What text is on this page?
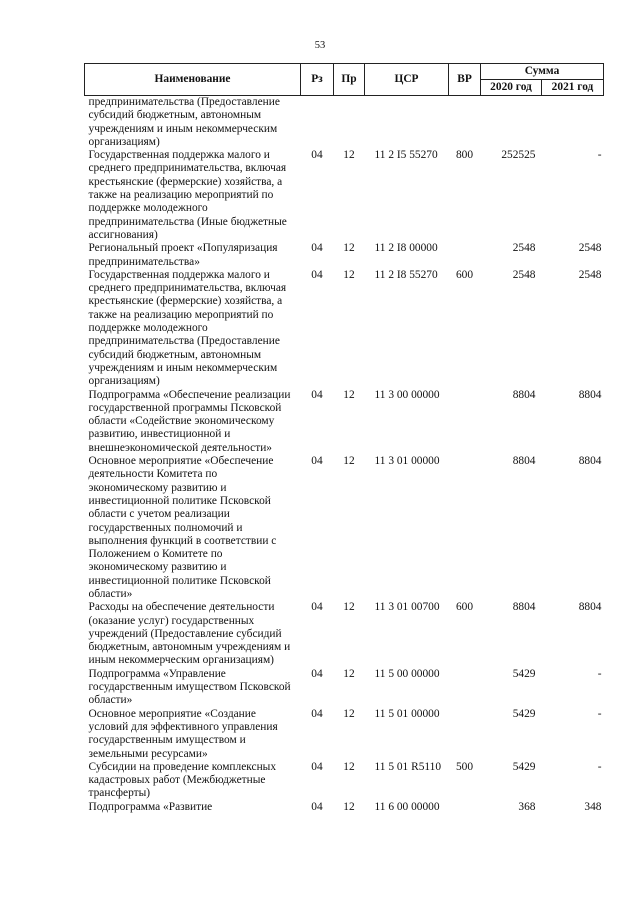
53
Наименование	Рз	Пр	ЦСР	ВР	Сумма	
					2020 год	2021 год
предпринимательства (Предоставление субсидий бюджетным, автономным учреждениям и иным некоммерческим организациям)						
Государственная поддержка малого и среднего предпринимательства, включая крестьянские (фермерские) хозяйства, а также на реализацию мероприятий по поддержке молодежного предпринимательства (Иные бюджетные ассигнования)	04	12	11 2 I5 55270	800	252525	-
Региональный проект «Популяризация предпринимательства»	04	12	11 2 I8 00000		2548	2548
Государственная поддержка малого и среднего предпринимательства, включая крестьянские (фермерские) хозяйства, а также на реализацию мероприятий по поддержке молодежного предпринимательства (Предоставление субсидий бюджетным, автономным учреждениям и иным некоммерческим организациям)	04	12	11 2 I8 55270	600	2548	2548
Подпрограмма «Обеспечение реализации государственной программы Псковской области «Содействие экономическому развитию, инвестиционной и внешнеэкономической деятельности»	04	12	11 3 00 00000		8804	8804
Основное мероприятие «Обеспечение деятельности Комитета по экономическому развитию и инвестиционной политике Псковской области с учетом реализации государственных полномочий и выполнения функций в соответствии с Положением о Комитете по экономическому развитию и инвестиционной политике Псковской области»	04	12	11 3 01 00000		8804	8804
Расходы на обеспечение деятельности (оказание услуг) государственных учреждений (Предоставление субсидий бюджетным, автономным учреждениям и иным некоммерческим организациям)	04	12	11 3 01 00700	600	8804	8804
Подпрограмма «Управление государственным имуществом Псковской области»	04	12	11 5 00 00000		5429	-
Основное мероприятие «Создание условий для эффективного управления государственным имуществом и земельными ресурсами»	04	12	11 5 01 00000		5429	-
Субсидии на проведение комплексных кадастровых работ (Межбюджетные трансферты)	04	12	11 5 01 R5110	500	5429	-
Подпрограмма «Развитие	04	12	11 6 00 00000		368	348
